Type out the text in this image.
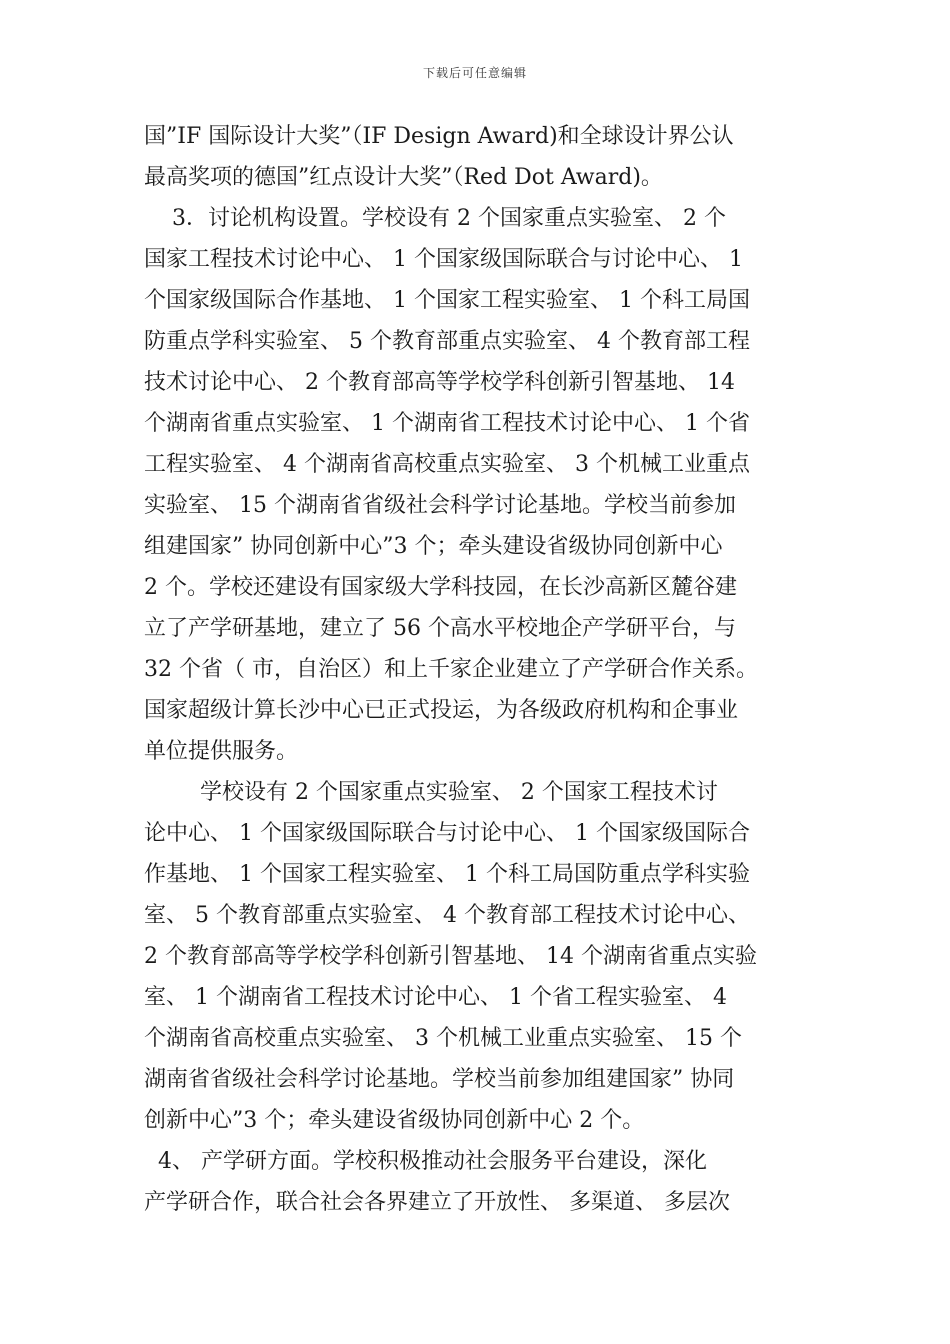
下载后可任意编辑
国”IF 国际设计大奖”（IF Design Award)和全球设计界公认
最高奖项的德国”红点设计大奖”（Red Dot Award)。
3．讨论机构设置。学校设有 2 个国家重点实验室、 2 个
国家工程技术讨论中心、 1 个国家级国际联合与讨论中心、 1
个国家级国际合作基地、 1 个国家工程实验室、 1 个科工局国
防重点学科实验室、 5 个教育部重点实验室、 4 个教育部工程
技术讨论中心、 2 个教育部高等学校学科创新引智基地、 14
个湖南省重点实验室、 1 个湖南省工程技术讨论中心、 1 个省
工程实验室、 4 个湖南省高校重点实验室、 3 个机械工业重点
实验室、 15 个湖南省省级社会科学讨论基地。学校当前参加
组建国家” 协同创新中心”3 个；牵头建设省级协同创新中心
2 个。学校还建设有国家级大学科技园，在长沙高新区麓谷建
立了产学研基地，建立了 56 个高水平校地企产学研平台，与
32 个省（ 市，自治区）和上千家企业建立了产学研合作关系。
国家超级计算长沙中心已正式投运，为各级政府机构和企事业
单位提供服务。
学校设有 2 个国家重点实验室、 2 个国家工程技术讨
论中心、 1 个国家级国际联合与讨论中心、 1 个国家级国际合
作基地、 1 个国家工程实验室、 1 个科工局国防重点学科实验
室、 5 个教育部重点实验室、 4 个教育部工程技术讨论中心、
2 个教育部高等学校学科创新引智基地、 14 个湖南省重点实验
室、 1 个湖南省工程技术讨论中心、 1 个省工程实验室、 4
个湖南省高校重点实验室、 3 个机械工业重点实验室、 15 个
湖南省省级社会科学讨论基地。学校当前参加组建国家” 协同
创新中心”3 个；牵头建设省级协同创新中心 2 个。
4、 产学研方面。学校积极推动社会服务平台建设，深化
产学研合作，联合社会各界建立了开放性、 多渠道、 多层次
